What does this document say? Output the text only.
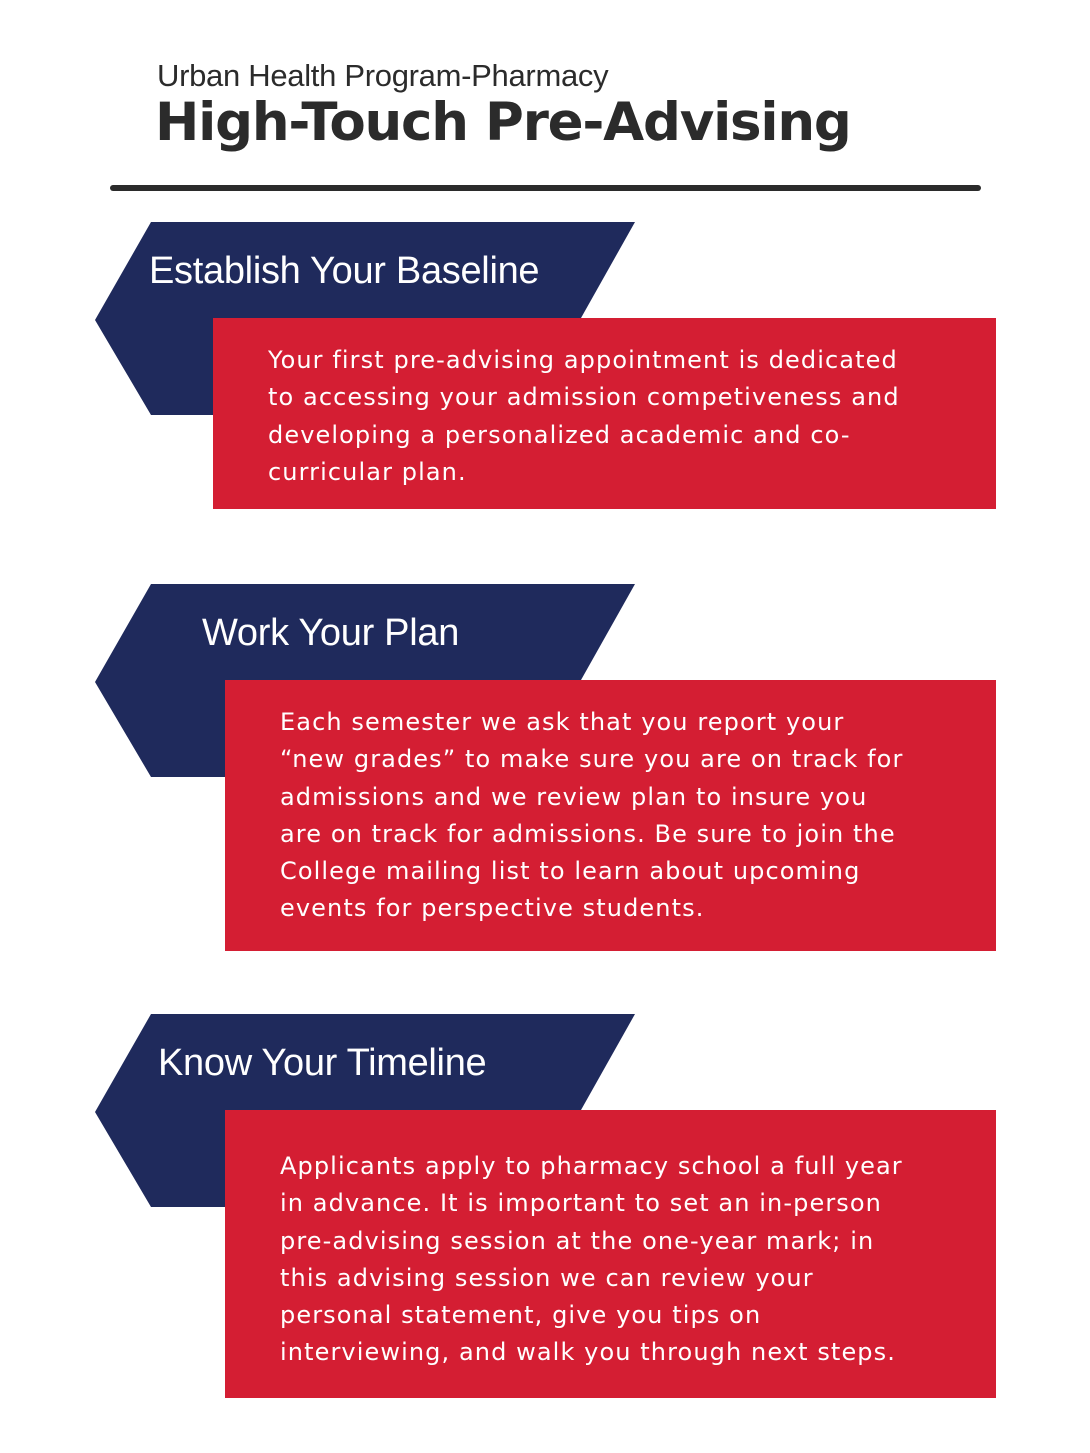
Urban Health Program-Pharmacy
High-Touch Pre-Advising
Establish Your Baseline
Your first pre-advising appointment is dedicated
to accessing your admission competiveness and
developing a personalized academic and co-
curricular plan.
Work Your Plan
Each semester we ask that you report your
“new grades” to make sure you are on track for
admissions and we review plan to insure you
are on track for admissions. Be sure to join the
College mailing list to learn about upcoming
events for perspective students.
Know Your Timeline
Applicants apply to pharmacy school a full year
in advance. It is important to set an in-person
pre-advising session at the one-year mark; in
this advising session we can review your
personal statement, give you tips on
interviewing, and walk you through next steps.
